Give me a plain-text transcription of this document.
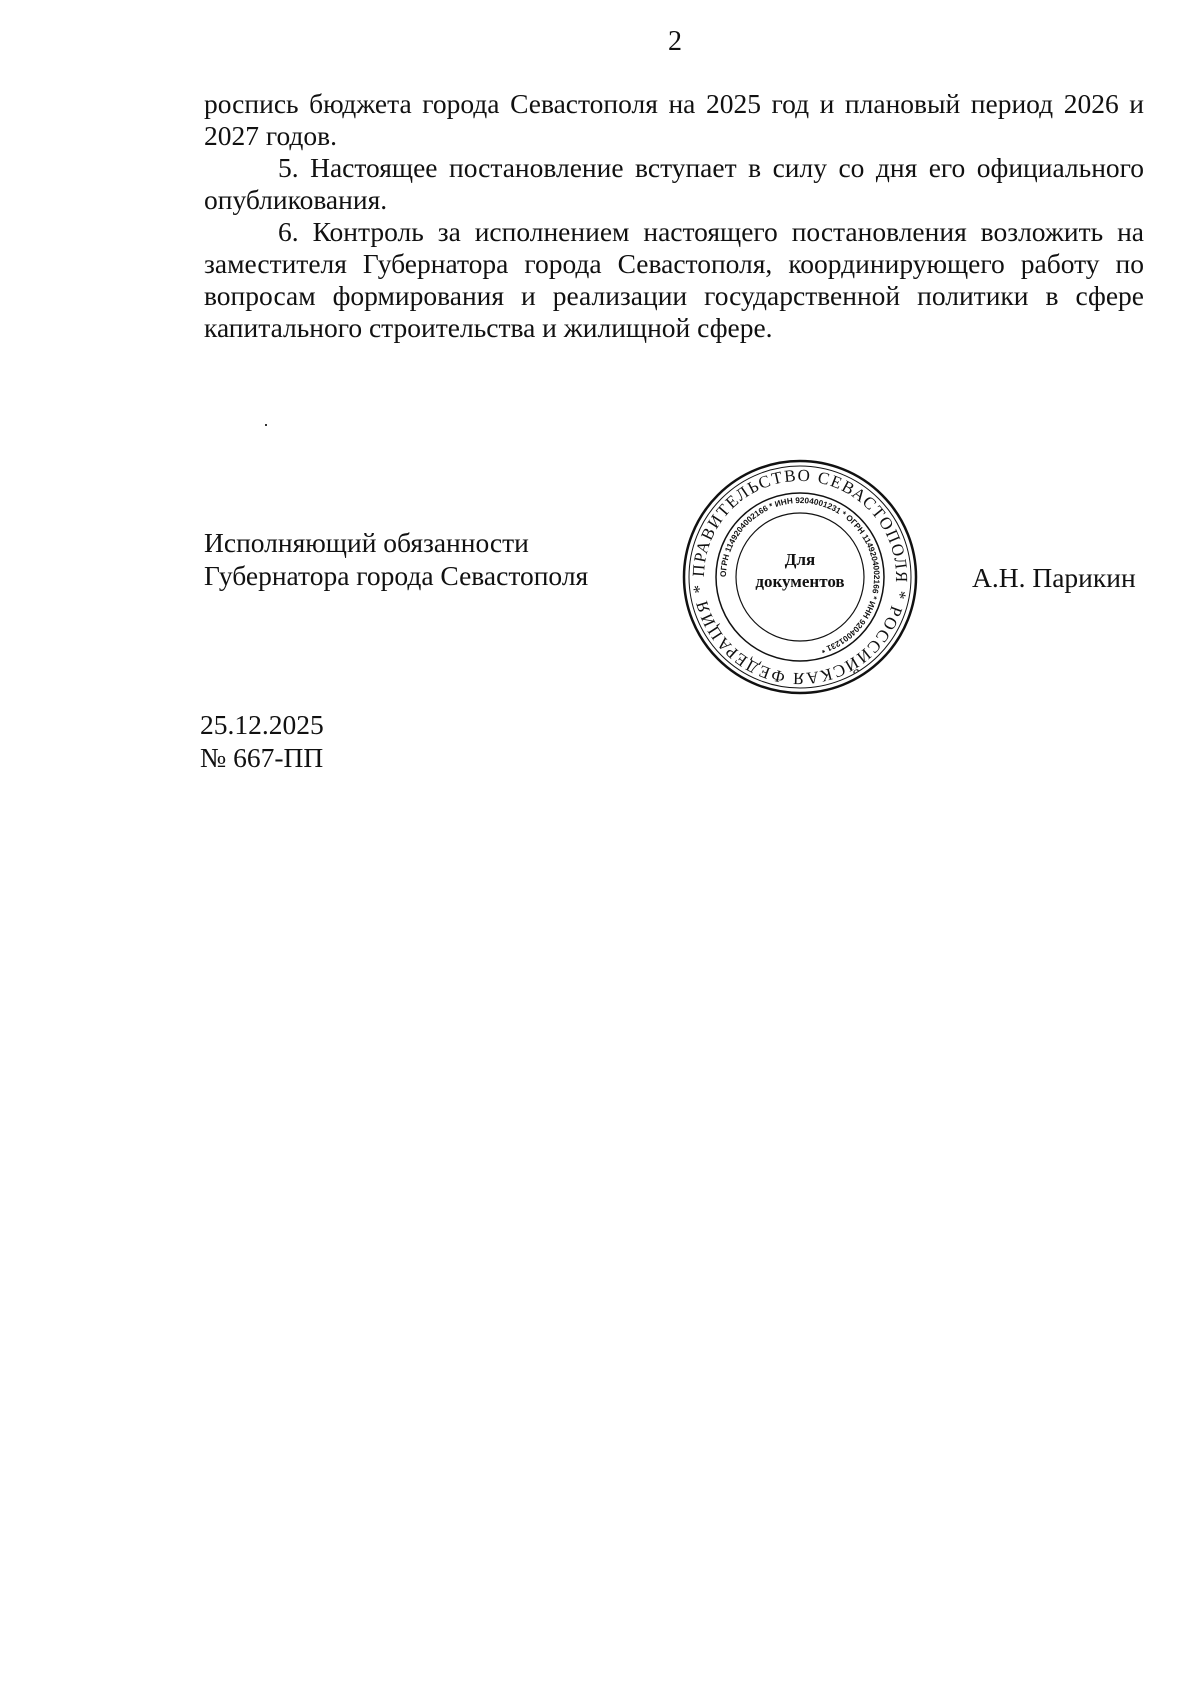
2

роспись бюджета города Севастополя на 2025 год и плановый период 2026 и 2027 годов.

5. Настоящее постановление вступает в силу со дня его официального опубликования.

6. Контроль за исполнением настоящего постановления возложить на заместителя Губернатора города Севастополя, координирующего работу по вопросам формирования и реализации государственной политики в сфере капитального строительства и жилищной сфере.

Исполняющий обязанности
Губернатора города Севастополя	ПРАВИТЕЛЬСТВО СЕВАСТОПОЛЯ * РОССИЙСКАЯ ФЕДЕРАЦИЯ *
ОГРН 1149204002166 * ИНН 9204001231 * ОГРН 1149204002166 * ИНН 9204001231 *
Для
документов	А.Н. Парикин
25.12.2025
№ 667-ПП
